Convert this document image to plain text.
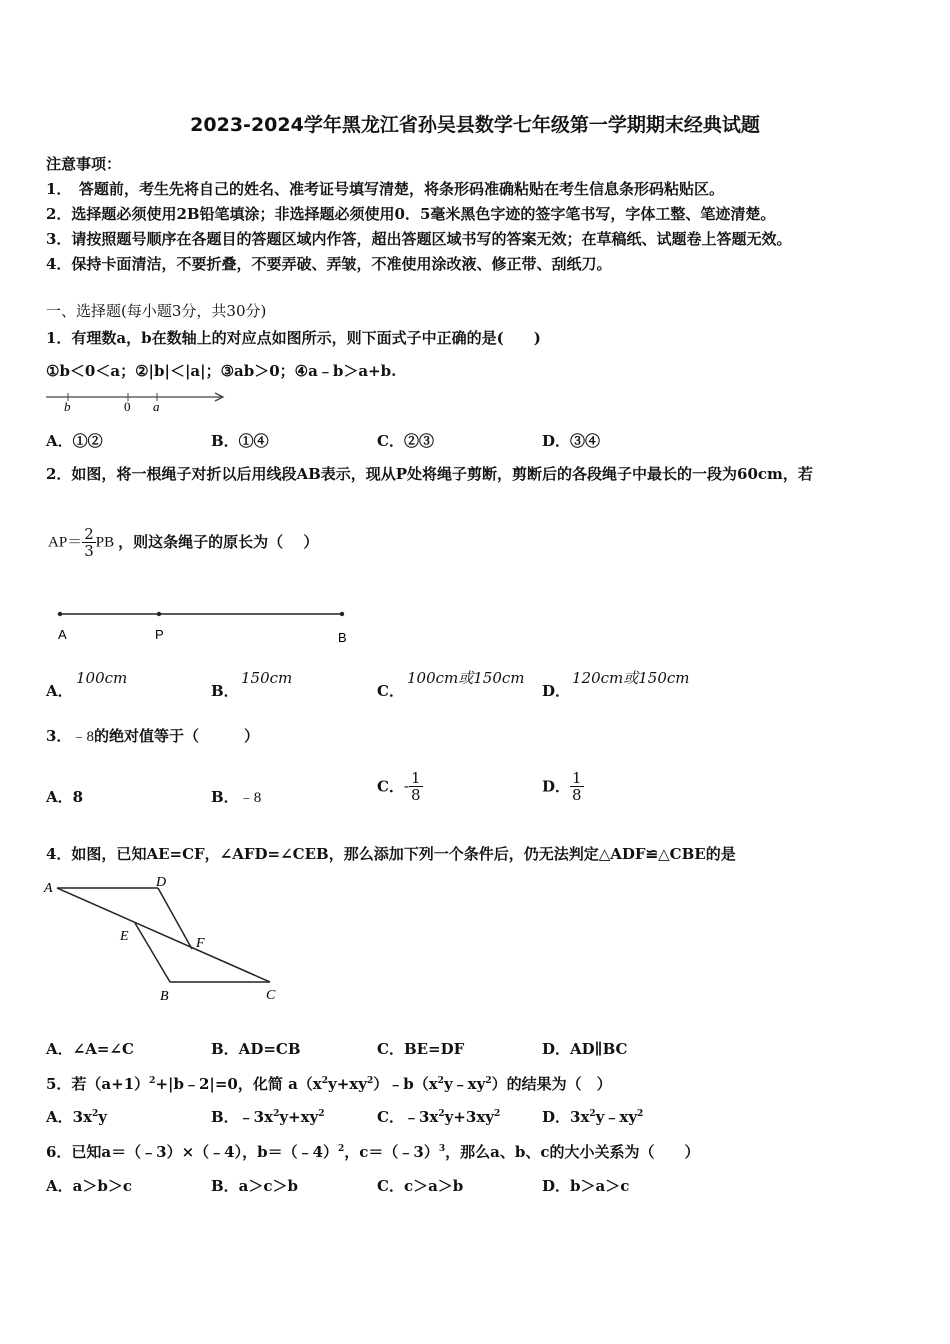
2023-2024学年黑龙江省孙吴县数学七年级第一学期期末经典试题
注意事项：
1．　答题前，考生先将自己的姓名、准考证号填写清楚，将条形码准确粘贴在考生信息条形码粘贴区。
2．选择题必须使用2B铅笔填涂；非选择题必须使用0．5毫米黑色字迹的签字笔书写，字体工整、笔迹清楚。
3．请按照题号顺序在各题目的答题区域内作答，超出答题区域书写的答案无效；在草稿纸、试题卷上答题无效。
4．保持卡面清洁，不要折叠，不要弄破、弄皱，不准使用涂改液、修正带、刮纸刀。
一、选择题(每小题3分，共30分)
1．有理数a，b在数轴上的对应点如图所示，则下面式子中正确的是(　　)
①b＜0＜a；②|b|＜|a|；③ab＞0；④a﹣b＞a+b.
b	0 a
A．①②	B．①④	C．②③	D．③④
2．如图，将一根绳子对折以后用线段AB表示，现从P处将绳子剪断，剪断后的各段绳子中最长的一段为60cm，若
$AP= \frac{2}{3}$ PB ，则这条绳子的原长为（　 ）
A	P	B
A．
100cm
B．
150cm
C．
100cm或150cm
D．
120cm或150cm
3．﹣8的绝对值等于（　　　）
A．8	B．﹣8
C．- $\frac{1}{8}$	D． $\frac{1}{8}$
4．如图，已知AE=CF，∠AFD=∠CEB，那么添加下列一个条件后，仍无法判定△ADF≌△CBE的是
A	D
E	F
B	C
A．∠A=∠C	B．AD=CB	C．BE=DF	D．AD∥BC
5．若$(a+1)^2+|b﹣2|=0$，化简 $a(x^2y+xy^2)﹣b(x^2y﹣xy^2)$的结果为（　）
A．$3x^2y$	B．$﹣3x^2y+xy^2$	C．$﹣3x^2y+3xy^2$	D．$3x^2y﹣xy^2$
6．已知a＝（﹣3）×（﹣4），b＝（﹣4）$^2$，c＝（﹣3）$^3$，那么a、b、c的大小关系为（　　）
A．a＞b＞c	B．a＞c＞b	C．c＞a＞b	D．b＞a＞c
